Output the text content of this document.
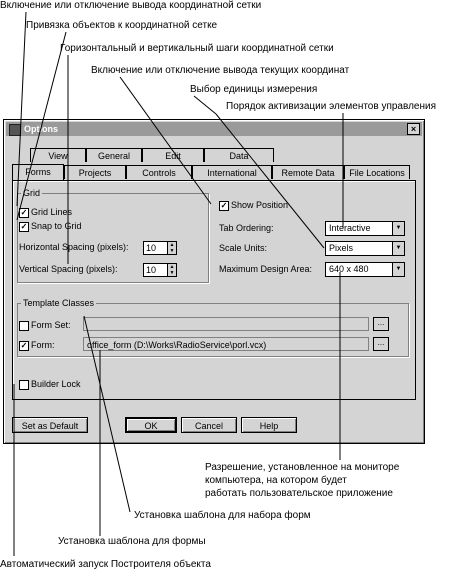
Включение или отключение вывода координатной сетки
Привязка объектов к координатной сетке
Горизонтальный и вертикальный шаги координатной сетки
Включение или отключение вывода текущих координат
Выбор единицы измерения
Порядок активизации элементов управления
Разрешение, установленное на мониторе
компьютера, на котором будет
работать пользовательское приложение
Установка шаблона для набора форм
Установка шаблона для формы
Автоматический запуск Построителя объекта
Options	×
View	General	Edit	Data
Forms	Projects	Controls	International	Remote Data	File Locations
Grid
✓ Grid Lines
✓ Snap to Grid
Horizontal Spacing (pixels): 10	▲
▼
Vertical Spacing (pixels):	10	▲
▼
✓ Show Position
Tab Ordering:	Interactive	▼
Scale Units:	Pixels	▼
Maximum Design Area: 640 x 480	▼
Template Classes
Form Set:	...
✓ Form:	office_form (D:\Works\RadioService\porl.vcx)	...
Builder Lock
Set as Default	OK	Cancel	Help
